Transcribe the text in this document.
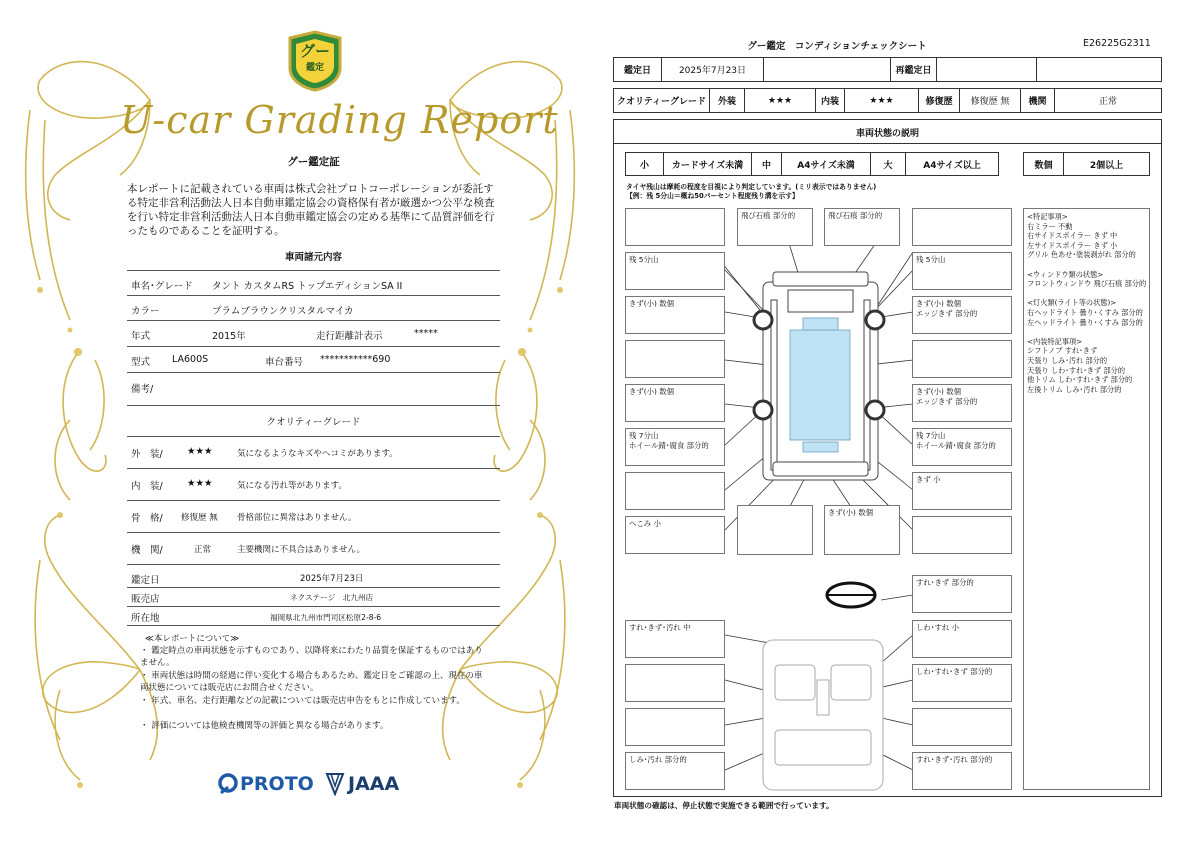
グー
鑑定
U-car Grading Report
グー鑑定証
本レポートに記載されている車両は株式会社プロトコーポレーションが委託する特定非営利活動法人日本自動車鑑定協会の資格保有者が厳選かつ公平な検査を行い特定非営利活動法人日本自動車鑑定協会の定める基準にて品質評価を行ったものであることを証明する。
車両諸元内容
車名･グレード タント カスタムRS トップエディションSA II
カラー	プラムブラウンクリスタルマイカ
年式	2015年	走行距離計表示	*****
型式 LA600S	車台番号 ***********690
備考/
クオリティーグレード
外　装/	★★★	気になるようなキズやヘコミがあります。
内　装/	★★★	気になる汚れ等があります。
骨　格/ 修復歴 無 骨格部位に異常はありません。
機　関/	正常	主要機関に不具合はありません。
鑑定日	2025年7月23日
販売店	ネクステージ　北九州店
所在地	福岡県北九州市門司区松原2-8-6
≪本レポートについて≫
・ 鑑定時点の車両状態を示すものであり、以降将来にわたり品質を保証するものではありません。
・ 車両状態は時間の経過に伴い変化する場合もあるため、鑑定日をご確認の上、現在の車両状態については販売店にお問合せください。
・ 年式、車名、走行距離などの記載については販売店申告をもとに作成しています。
・ 評価については他検査機関等の評価と異なる場合があります。
PROTO JAAA
グー鑑定　コンディションチェックシート	E26225G2311
鑑定日	2025年7月23日	再鑑定日
クオリティーグレード	外装	★★★	内装	★★★	修復歴	修復歴 無	機関	正常
車両状態の説明
小	カードサイズ未満	中	A4サイズ未満	大	A4サイズ以上	数個	2個以上
タイヤ残山は摩耗の程度を目視により判定しています。(ミリ表示ではありません)
【例：残 5分山＝概ね50パーセント程度残り溝を示す】
飛び石痕 部分的	飛び石痕 部分的
残 5分山	残 5分山
きず(小) 数個	きず(小) 数個
エッジきず 部分的
きず(小) 数個	きず(小) 数個
エッジきず 部分的
残 7分山
ホイール錆･腐食 部分的
残 7分山
ホイール錆･腐食 部分的
きず 小
へこみ 小
きず(小) 数個
すれ･きず 部分的
すれ･きず･汚れ 中	しわ･すれ 小
しわ･すれ･きず 部分的
しみ･汚れ 部分的	すれ･きず･汚れ 部分的
<特記事項>
右ミラー 不動
右サイドスポイラー きず 中
左サイドスポイラー きず 小
グリル 色あせ･塗装剥がれ 部分的
<ウィンドウ類の状態>
フロントウィンドウ 飛び石痕 部分的
<灯火類(ライト等の状態)>
右ヘッドライト 曇り･くすみ 部分的
左ヘッドライト 曇り･くすみ 部分的
<内装特記事項>
シフトノブ すれ･きず
天張り しみ･汚れ 部分的
天張り しわ･すれ･きず 部分的
他トリム しわ･すれ･きず 部分的
左後トリム しみ･汚れ 部分的
車両状態の確認は、停止状態で実施できる範囲で行っています。
